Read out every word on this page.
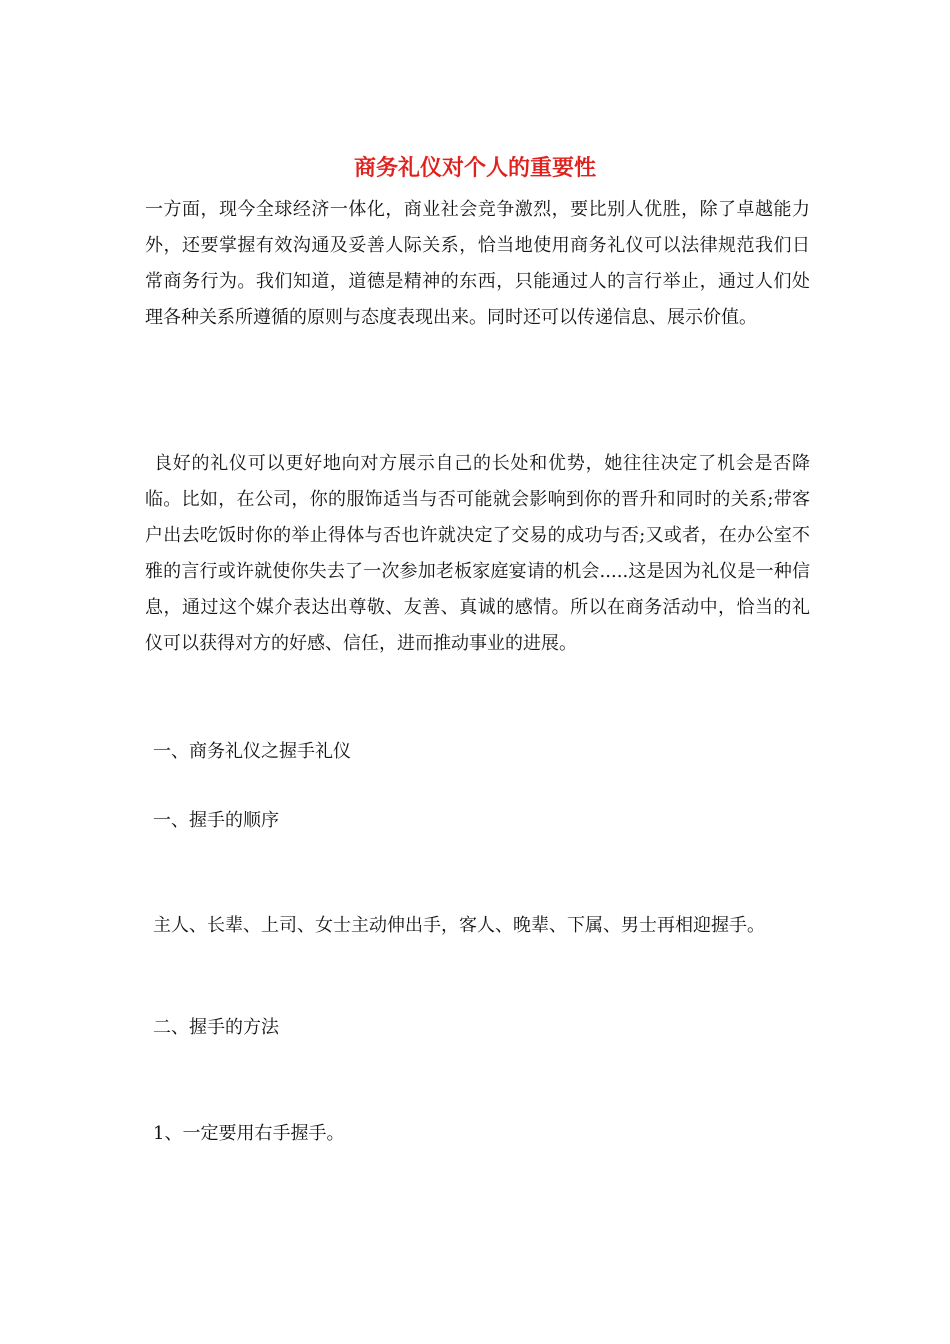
商务礼仪对个人的重要性

一方面，现今全球经济一体化，商业社会竞争激烈，要比别人优胜，除了卓越能力外，还要掌握有效沟通及妥善人际关系，恰当地使用商务礼仪可以法律规范我们日常商务行为。我们知道，道德是精神的东西，只能通过人的言行举止，通过人们处理各种关系所遵循的原则与态度表现出来。同时还可以传递信息、展示价值。

良好的礼仪可以更好地向对方展示自己的长处和优势，她往往决定了机会是否降临。比如，在公司，你的服饰适当与否可能就会影响到你的晋升和同时的关系;带客户出去吃饭时你的举止得体与否也许就决定了交易的成功与否;又或者，在办公室不雅的言行或许就使你失去了一次参加老板家庭宴请的机会.....这是因为礼仪是一种信息，通过这个媒介表达出尊敬、友善、真诚的感情。所以在商务活动中，恰当的礼仪可以获得对方的好感、信任，进而推动事业的进展。

一、商务礼仪之握手礼仪

一、握手的顺序

主人、长辈、上司、女士主动伸出手，客人、晚辈、下属、男士再相迎握手。

二、握手的方法

1、一定要用右手握手。
